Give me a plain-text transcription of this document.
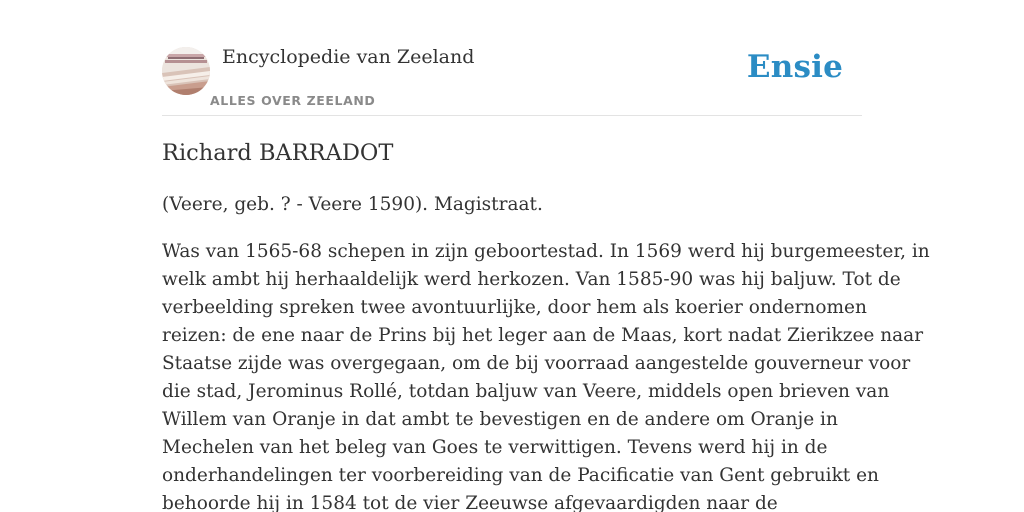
Encyclopedie van Zeeland
ALLES OVER ZEELAND
Ensie
Richard BARRADOT

(Veere, geb. ? - Veere 1590). Magistraat.

Was van 1565-68 schepen in zijn geboortestad. In 1569 werd hij burgemeester, in
welk ambt hij herhaaldelijk werd herkozen. Van 1585-90 was hij baljuw. Tot de
verbeelding spreken twee avontuurlijke, door hem als koerier ondernomen
reizen: de ene naar de Prins bij het leger aan de Maas, kort nadat Zierikzee naar
Staatse zijde was overgegaan, om de bij voorraad aangestelde gouverneur voor
die stad, Jerominus Rollé, totdan baljuw van Veere, middels open brieven van
Willem van Oranje in dat ambt te bevestigen en de andere om Oranje in
Mechelen van het beleg van Goes te verwittigen. Tevens werd hij in de
onderhandelingen ter voorbereiding van de Pacificatie van Gent gebruikt en
behoorde hij in 1584 tot de vier Zeeuwse afgevaardigden naar de
